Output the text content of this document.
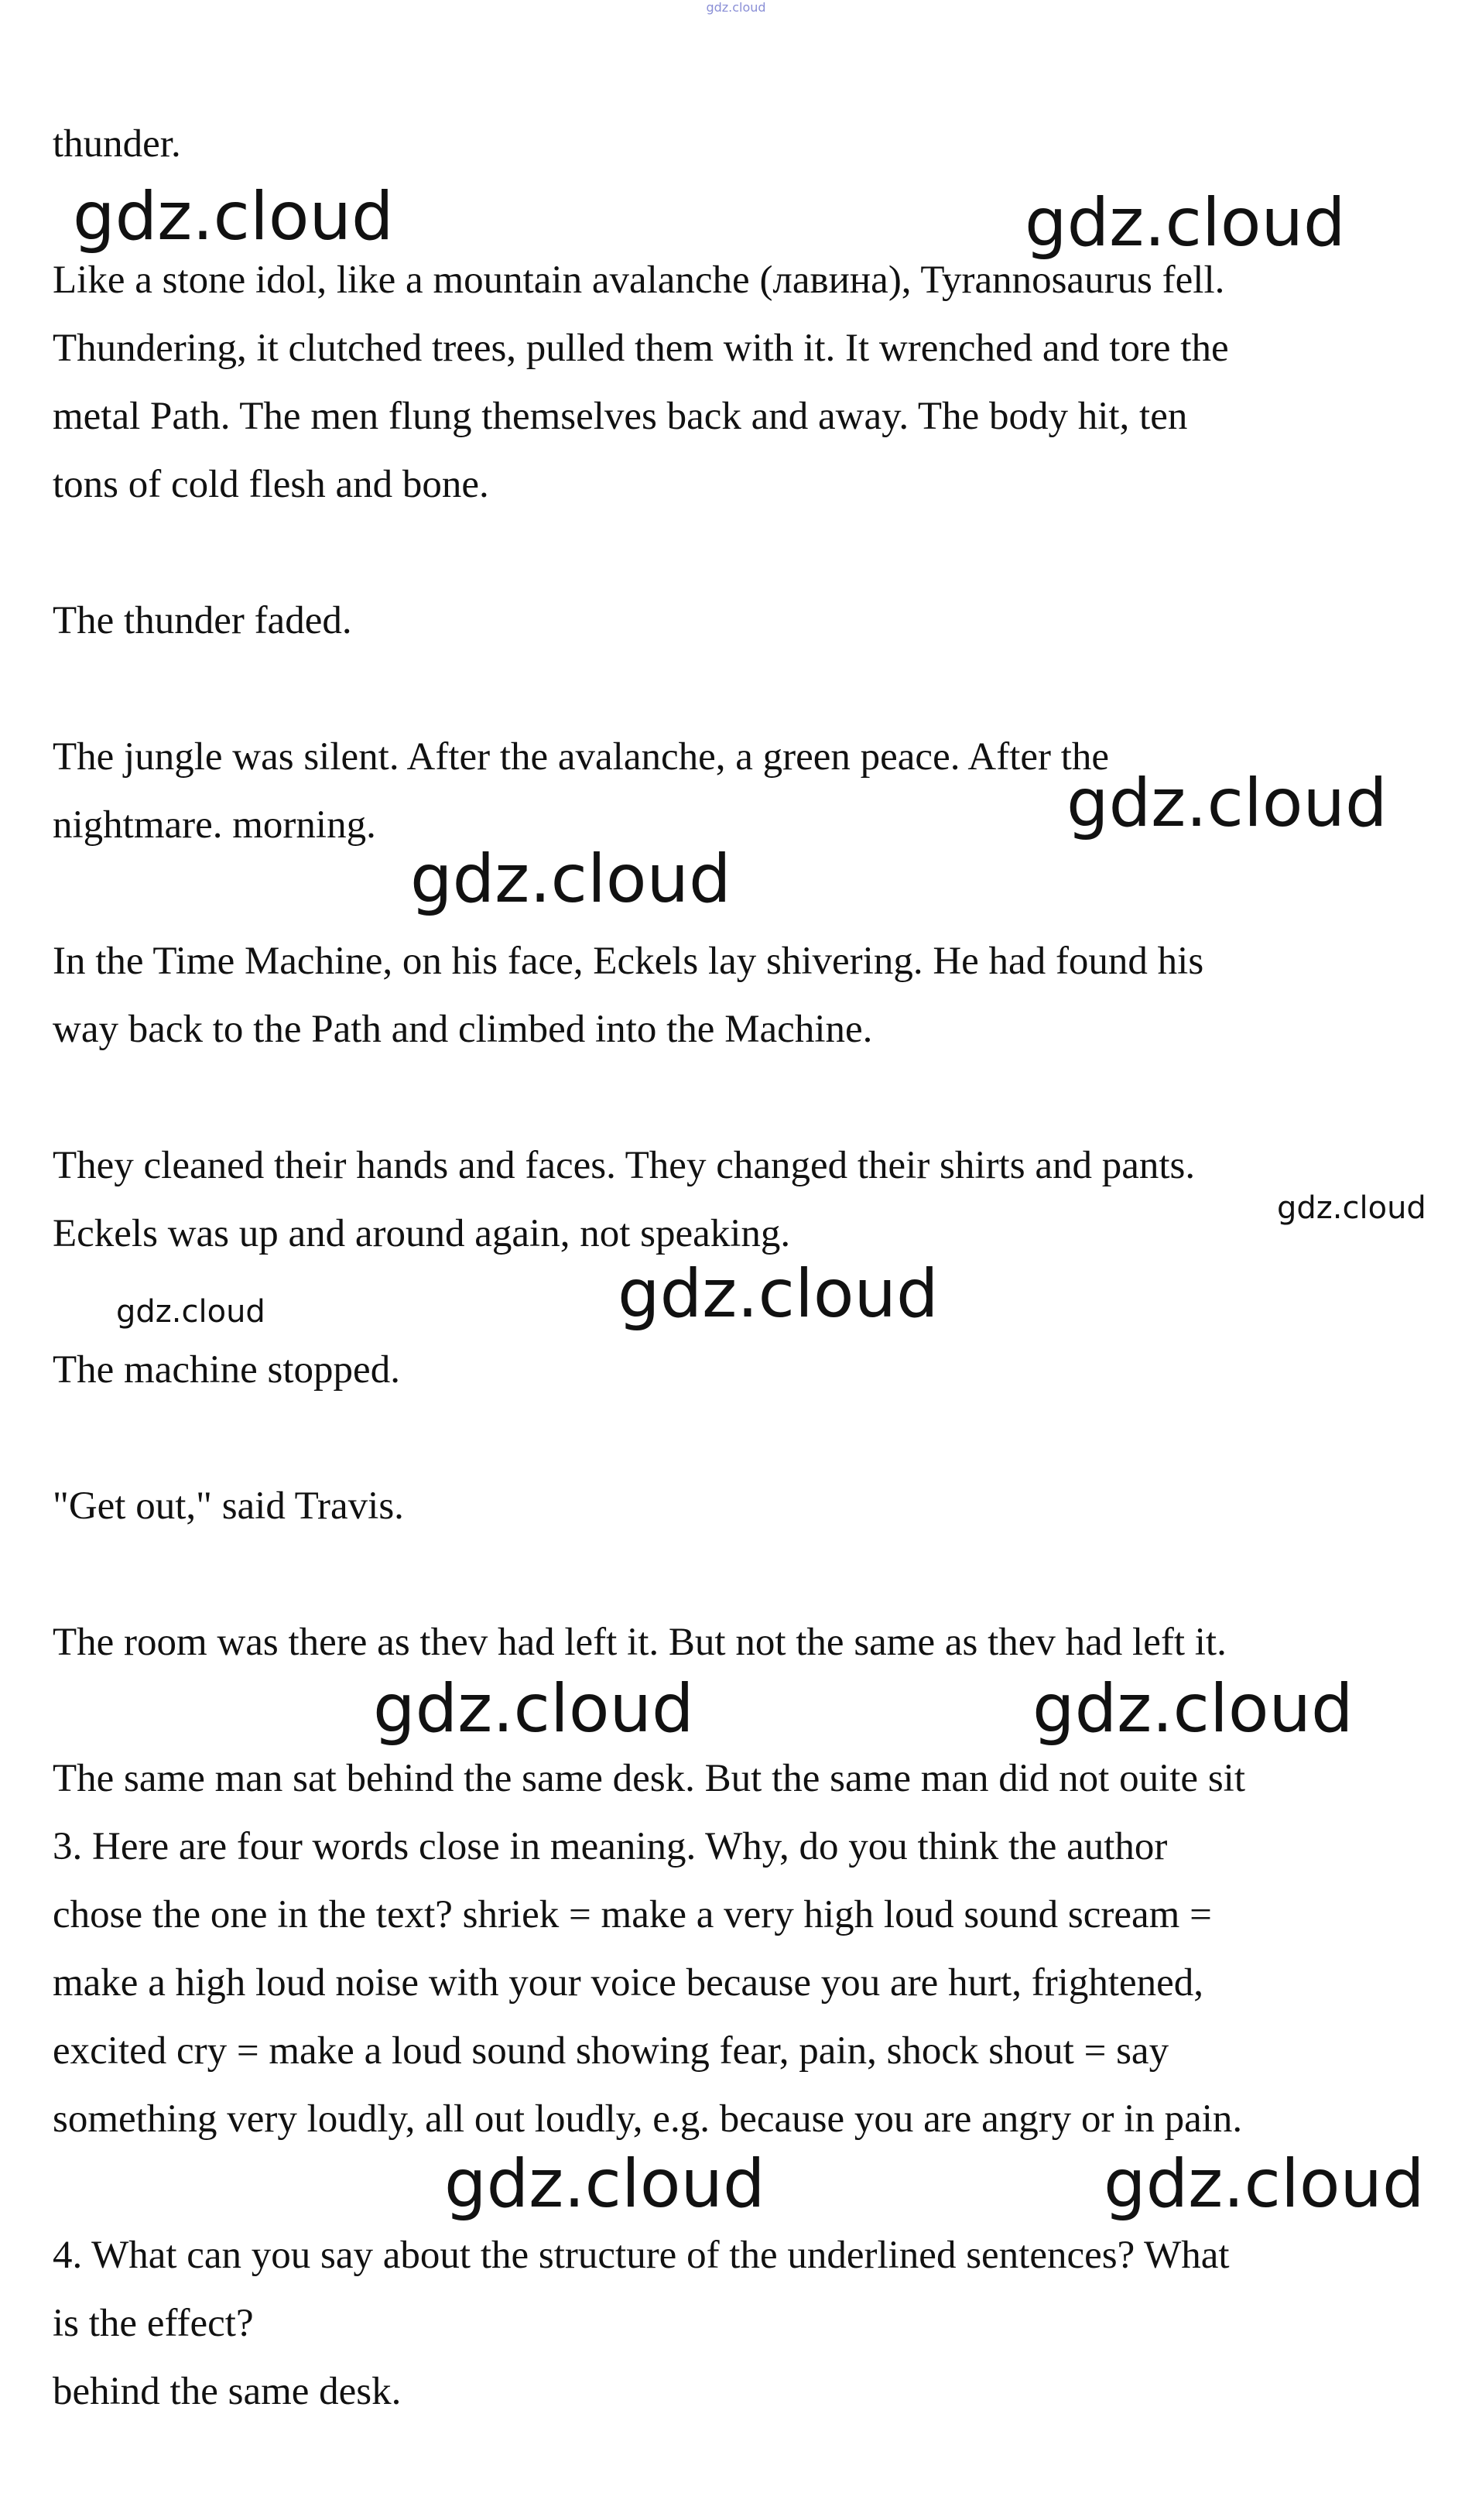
gdz.cloud
thunder.
Like a stone idol, like a mountain avalanche (лавина), Tyrannosaurus fell.
Thundering, it clutched trees, pulled them with it. It wrenched and tore the
metal Path. The men flung themselves back and away. The body hit, ten
tons of cold flesh and bone.
The thunder faded.
The jungle was silent. After the avalanche, a green peace. After the
nightmare. morning.
In the Time Machine, on his face, Eckels lay shivering. He had found his
way back to the Path and climbed into the Machine.
They cleaned their hands and faces. They changed their shirts and pants.
Eckels was up and around again, not speaking.
The machine stopped.
"Get out," said Travis.
The room was there as thev had left it. But not the same as thev had left it.
The same man sat behind the same desk. But the same man did not ouite sit
3. Here are four words close in meaning. Why, do you think the author
chose the one in the text? shriek = make a very high loud sound scream =
make a high loud noise with your voice because you are hurt, frightened,
excited cry = make a loud sound showing fear, pain, shock shout = say
something very loudly, all out loudly, e.g. because you are angry or in pain.
4. What can you say about the structure of the underlined sentences? What
is the effect?
behind the same desk.
gdz.cloud	gdz.cloud
gdz.cloud
gdz.cloud
gdz.cloud
gdz.cloud
gdz.cloud
gdz.cloud	gdz.cloud
gdz.cloud	gdz.cloud
